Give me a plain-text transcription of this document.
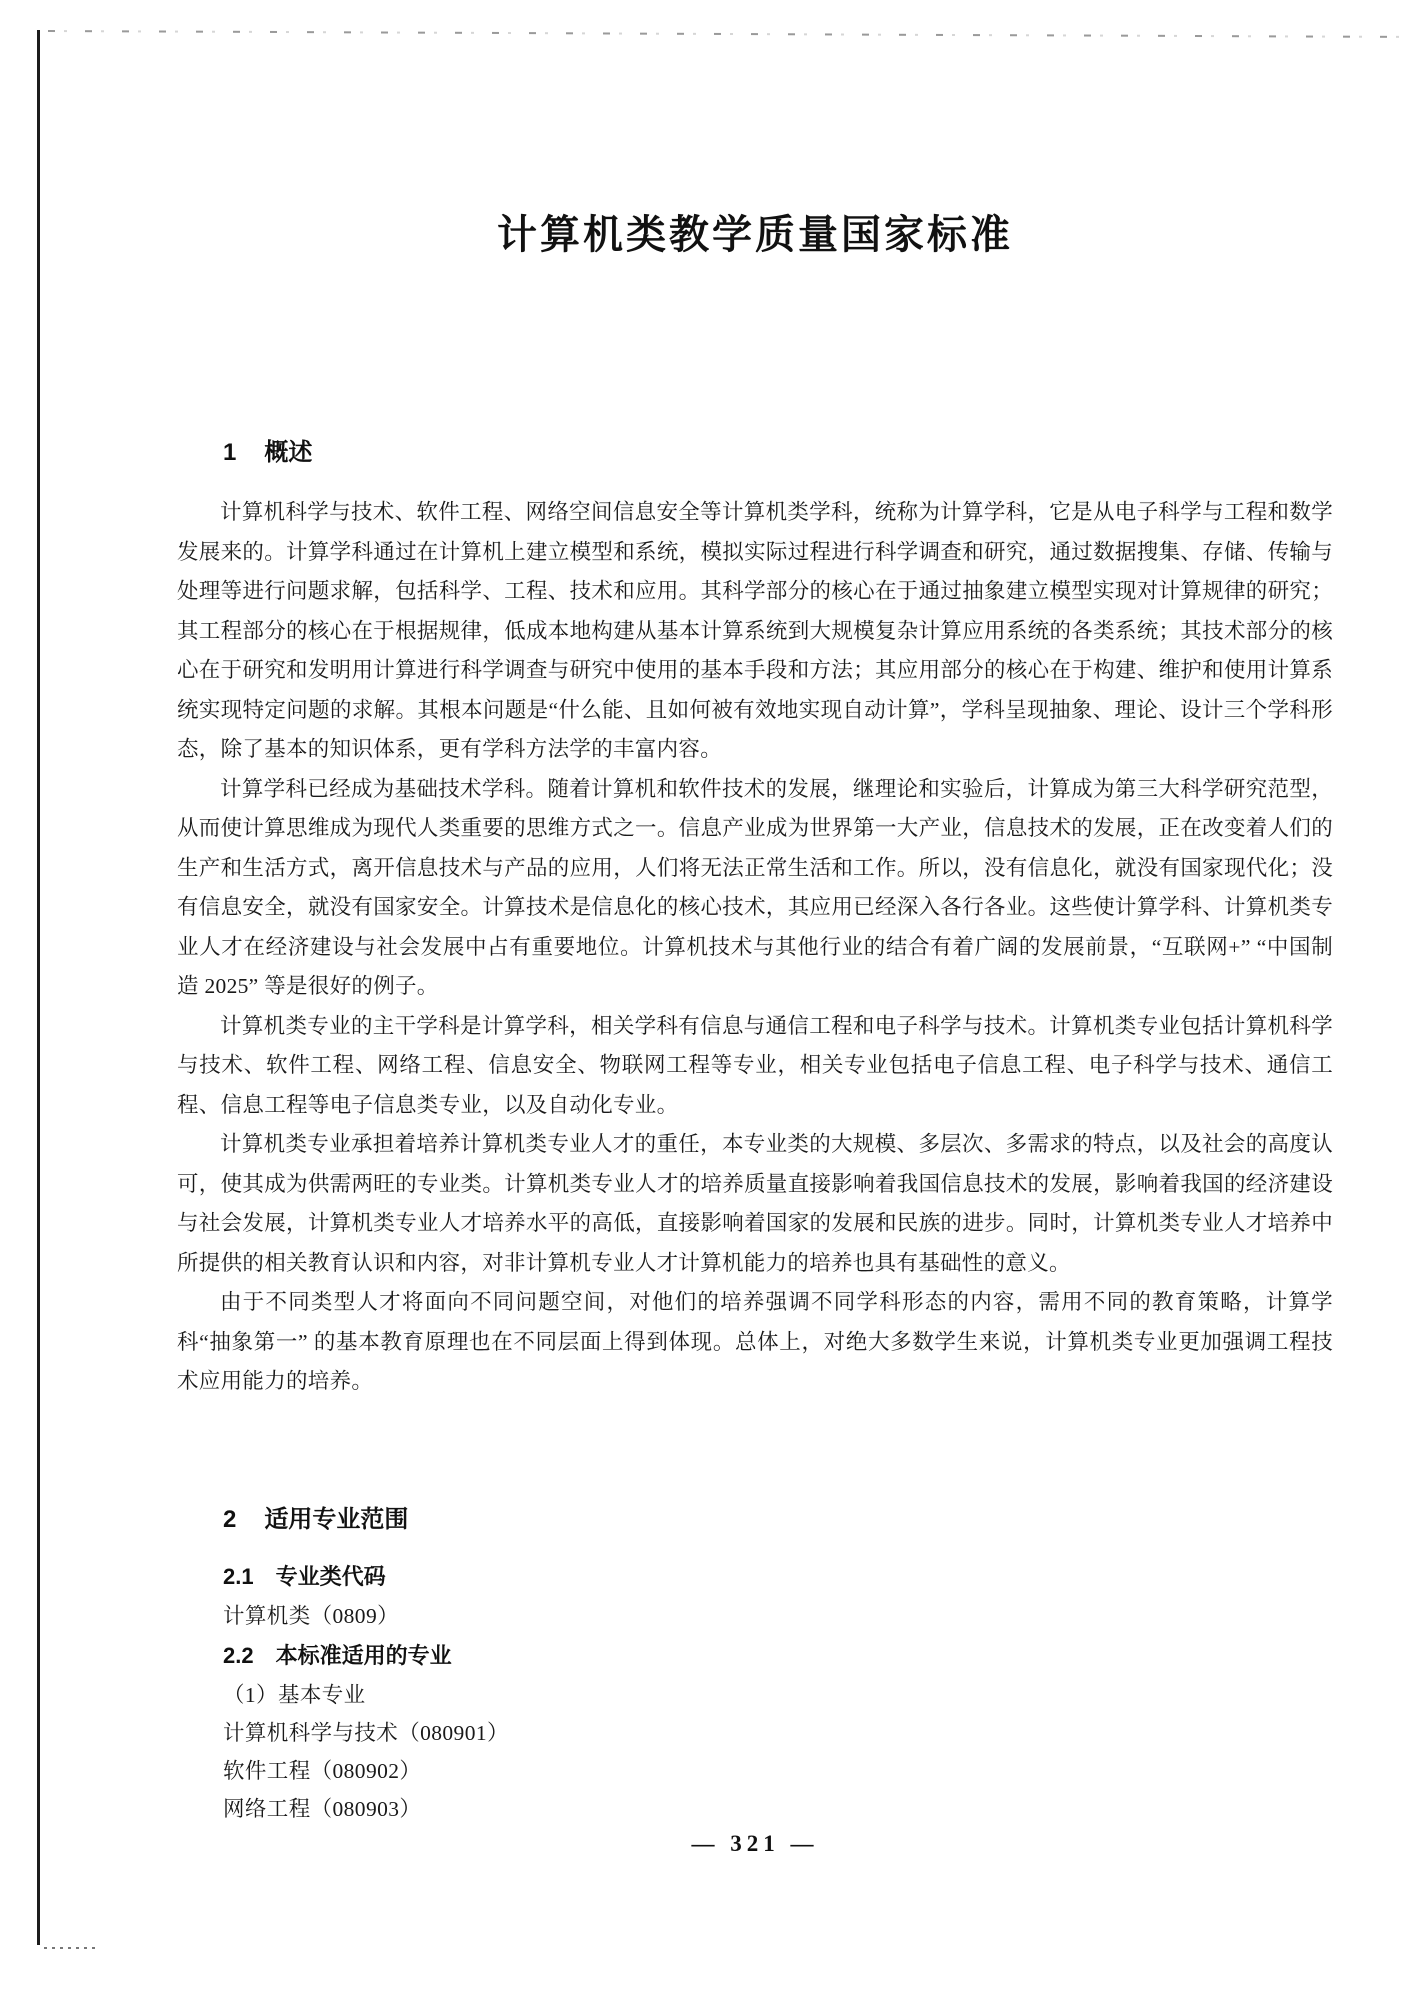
计算机类教学质量国家标准
1 概述

计算机科学与技术、软件工程、网络空间信息安全等计算机类学科，统称为计算学科，它是从电子科学与工程和数学发展来的。计算学科通过在计算机上建立模型和系统，模拟实际过程进行科学调查和研究，通过数据搜集、存储、传输与处理等进行问题求解，包括科学、工程、技术和应用。其科学部分的核心在于通过抽象建立模型实现对计算规律的研究；其工程部分的核心在于根据规律，低成本地构建从基本计算系统到大规模复杂计算应用系统的各类系统；其技术部分的核心在于研究和发明用计算进行科学调查与研究中使用的基本手段和方法；其应用部分的核心在于构建、维护和使用计算系统实现特定问题的求解。其根本问题是“什么能、且如何被有效地实现自动计算”，学科呈现抽象、理论、设计三个学科形态，除了基本的知识体系，更有学科方法学的丰富内容。

计算学科已经成为基础技术学科。随着计算机和软件技术的发展，继理论和实验后，计算成为第三大科学研究范型，从而使计算思维成为现代人类重要的思维方式之一。信息产业成为世界第一大产业，信息技术的发展，正在改变着人们的生产和生活方式，离开信息技术与产品的应用，人们将无法正常生活和工作。所以，没有信息化，就没有国家现代化；没有信息安全，就没有国家安全。计算技术是信息化的核心技术，其应用已经深入各行各业。这些使计算学科、计算机类专业人才在经济建设与社会发展中占有重要地位。计算机技术与其他行业的结合有着广阔的发展前景，“互联网+” “中国制造 2025” 等是很好的例子。

计算机类专业的主干学科是计算学科，相关学科有信息与通信工程和电子科学与技术。计算机类专业包括计算机科学与技术、软件工程、网络工程、信息安全、物联网工程等专业，相关专业包括电子信息工程、电子科学与技术、通信工程、信息工程等电子信息类专业，以及自动化专业。

计算机类专业承担着培养计算机类专业人才的重任，本专业类的大规模、多层次、多需求的特点，以及社会的高度认可，使其成为供需两旺的专业类。计算机类专业人才的培养质量直接影响着我国信息技术的发展，影响着我国的经济建设与社会发展，计算机类专业人才培养水平的高低，直接影响着国家的发展和民族的进步。同时，计算机类专业人才培养中所提供的相关教育认识和内容，对非计算机专业人才计算机能力的培养也具有基础性的意义。

由于不同类型人才将面向不同问题空间，对他们的培养强调不同学科形态的内容，需用不同的教育策略，计算学科“抽象第一” 的基本教育原理也在不同层面上得到体现。总体上，对绝大多数学生来说，计算机类专业更加强调工程技术应用能力的培养。

2 适用专业范围
2.1 专业类代码
计算机类（0809）
2.2 本标准适用的专业
（1）基本专业
计算机科学与技术（080901）
软件工程（080902）
网络工程（080903）
— 321 —
